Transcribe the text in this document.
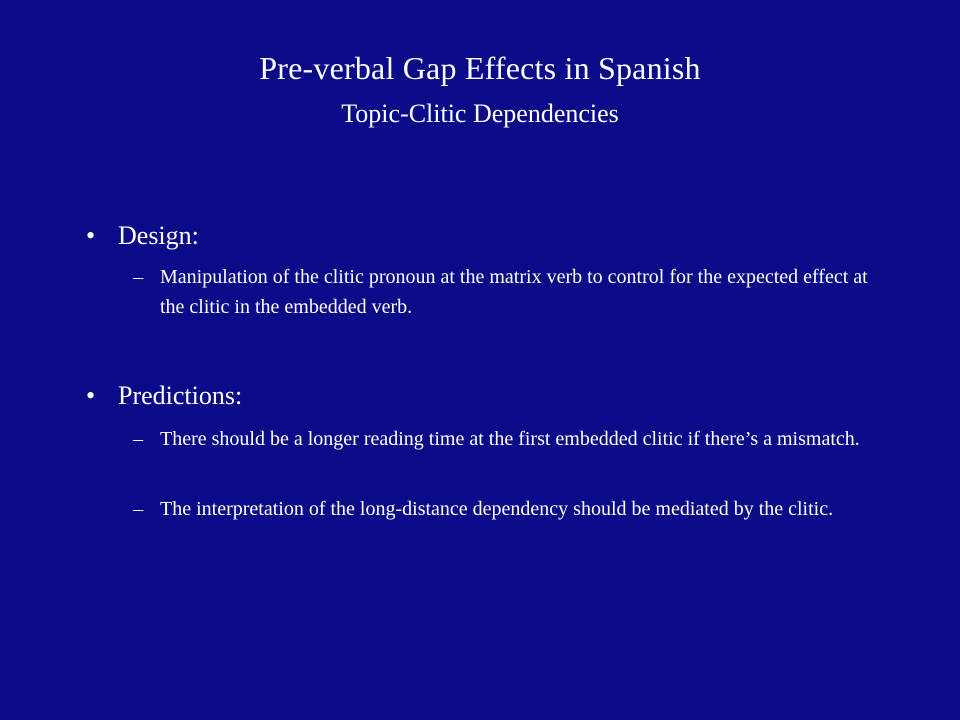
Pre-verbal Gap Effects in Spanish
Topic-Clitic Dependencies
• Design:
– Manipulation of the clitic pronoun at the matrix verb to control for the expected effect at the clitic in the embedded verb.
• Predictions:
– There should be a longer reading time at the first embedded clitic if there’s a mismatch.
– The interpretation of the long-distance dependency should be mediated by the clitic.
